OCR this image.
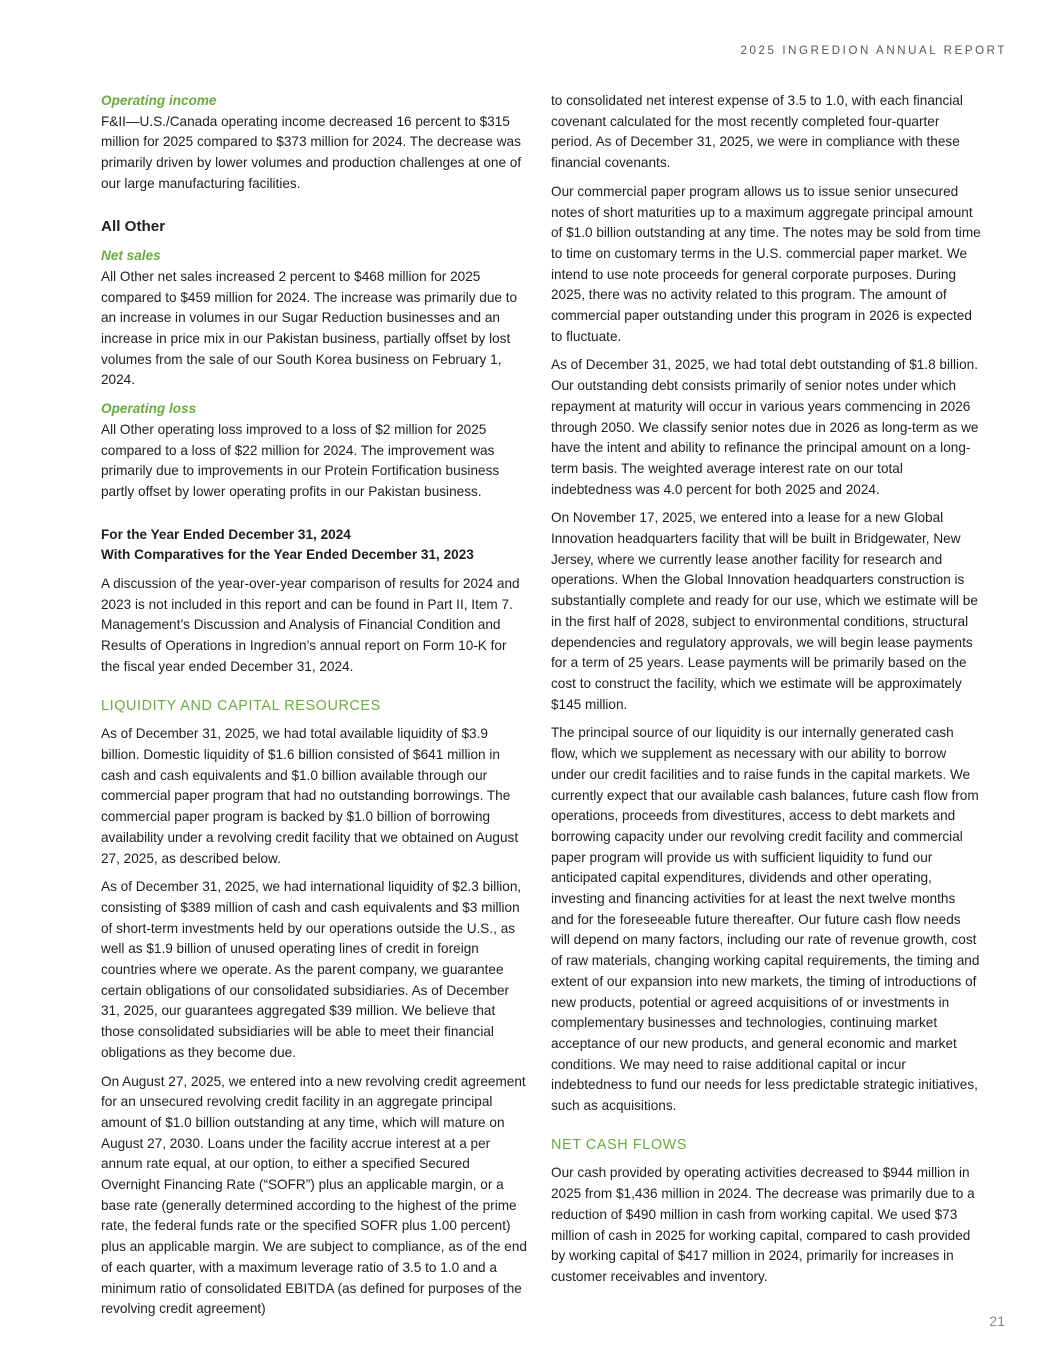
2025 INGREDION ANNUAL REPORT
Operating income

F&II—U.S./Canada operating income decreased 16 percent to $315 million for 2025 compared to $373 million for 2024. The decrease was primarily driven by lower volumes and production challenges at one of our large manufacturing facilities.

All Other
Net sales

All Other net sales increased 2 percent to $468 million for 2025 compared to $459 million for 2024. The increase was primarily due to an increase in volumes in our Sugar Reduction businesses and an increase in price mix in our Pakistan business, partially offset by lost volumes from the sale of our South Korea business on February 1, 2024.

Operating loss

All Other operating loss improved to a loss of $2 million for 2025 compared to a loss of $22 million for 2024. The improvement was primarily due to improvements in our Protein Fortification business partly offset by lower operating profits in our Pakistan business.

For the Year Ended December 31, 2024
With Comparatives for the Year Ended December 31, 2023

A discussion of the year-over-year comparison of results for 2024 and 2023 is not included in this report and can be found in Part II, Item 7. Management’s Discussion and Analysis of Financial Condition and Results of Operations in Ingredion’s annual report on Form 10-K for the fiscal year ended December 31, 2024.

LIQUIDITY AND CAPITAL RESOURCES

As of December 31, 2025, we had total available liquidity of $3.9 billion. Domestic liquidity of $1.6 billion consisted of $641 million in cash and cash equivalents and $1.0 billion available through our commercial paper program that had no outstanding borrowings. The commercial paper program is backed by $1.0 billion of borrowing availability under a revolving credit facility that we obtained on August 27, 2025, as described below.

As of December 31, 2025, we had international liquidity of $2.3 billion, consisting of $389 million of cash and cash equivalents and $3 million of short-term investments held by our operations outside the U.S., as well as $1.9 billion of unused operating lines of credit in foreign countries where we operate. As the parent company, we guarantee certain obligations of our consolidated subsidiaries. As of December 31, 2025, our guarantees aggregated $39 million. We believe that those consolidated subsidiaries will be able to meet their financial obligations as they become due.

On August 27, 2025, we entered into a new revolving credit agreement for an unsecured revolving credit facility in an aggregate principal amount of $1.0 billion outstanding at any time, which will mature on August 27, 2030. Loans under the facility accrue interest at a per annum rate equal, at our option, to either a specified Secured Overnight Financing Rate (“SOFR”) plus an applicable margin, or a base rate (generally determined according to the highest of the prime rate, the federal funds rate or the specified SOFR plus 1.00 percent) plus an applicable margin. We are subject to compliance, as of the end of each quarter, with a maximum leverage ratio of 3.5 to 1.0 and a minimum ratio of consolidated EBITDA (as defined for purposes of the revolving credit agreement)

to consolidated net interest expense of 3.5 to 1.0, with each financial covenant calculated for the most recently completed four-quarter period. As of December 31, 2025, we were in compliance with these financial covenants.

Our commercial paper program allows us to issue senior unsecured notes of short maturities up to a maximum aggregate principal amount of $1.0 billion outstanding at any time. The notes may be sold from time to time on customary terms in the U.S. commercial paper market. We intend to use note proceeds for general corporate purposes. During 2025, there was no activity related to this program. The amount of commercial paper outstanding under this program in 2026 is expected to fluctuate.

As of December 31, 2025, we had total debt outstanding of $1.8 billion. Our outstanding debt consists primarily of senior notes under which repayment at maturity will occur in various years commencing in 2026 through 2050. We classify senior notes due in 2026 as long-term as we have the intent and ability to refinance the principal amount on a long-term basis. The weighted average interest rate on our total indebtedness was 4.0 percent for both 2025 and 2024.

On November 17, 2025, we entered into a lease for a new Global Innovation headquarters facility that will be built in Bridgewater, New Jersey, where we currently lease another facility for research and operations. When the Global Innovation headquarters construction is substantially complete and ready for our use, which we estimate will be in the first half of 2028, subject to environmental conditions, structural dependencies and regulatory approvals, we will begin lease payments for a term of 25 years. Lease payments will be primarily based on the cost to construct the facility, which we estimate will be approximately $145 million.

The principal source of our liquidity is our internally generated cash flow, which we supplement as necessary with our ability to borrow under our credit facilities and to raise funds in the capital markets. We currently expect that our available cash balances, future cash flow from operations, proceeds from divestitures, access to debt markets and borrowing capacity under our revolving credit facility and commercial paper program will provide us with sufficient liquidity to fund our anticipated capital expenditures, dividends and other operating, investing and financing activities for at least the next twelve months and for the foreseeable future thereafter. Our future cash flow needs will depend on many factors, including our rate of revenue growth, cost of raw materials, changing working capital requirements, the timing and extent of our expansion into new markets, the timing of introductions of new products, potential or agreed acquisitions of or investments in complementary businesses and technologies, continuing market acceptance of our new products, and general economic and market conditions. We may need to raise additional capital or incur indebtedness to fund our needs for less predictable strategic initiatives, such as acquisitions.

NET CASH FLOWS

Our cash provided by operating activities decreased to $944 million in 2025 from $1,436 million in 2024. The decrease was primarily due to a reduction of $490 million in cash from working capital. We used $73 million of cash in 2025 for working capital, compared to cash provided by working capital of $417 million in 2024, primarily for increases in customer receivables and inventory.

21
